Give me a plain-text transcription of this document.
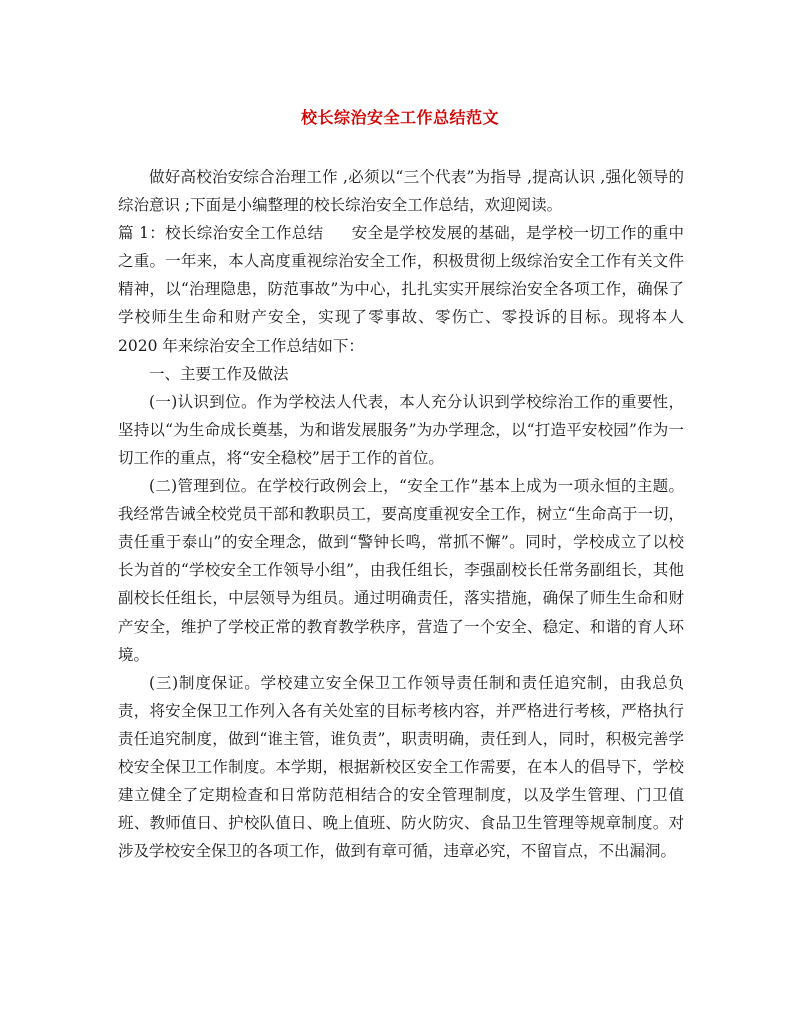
校长综治安全工作总结范文

做好高校治安综合治理工作 ,必须以“三个代表”为指导 ,提高认识 ,强化领导的综治意识 ;下面是小编整理的校长综治安全工作总结，欢迎阅读。

篇 1：校长综治安全工作总结 安全是学校发展的基础，是学校一切工作的重中之重。一年来，本人高度重视综治安全工作，积极贯彻上级综治安全工作有关文件精神，以“治理隐患，防范事故”为中心，扎扎实实开展综治安全各项工作，确保了学校师生生命和财产安全，实现了零事故、零伤亡、零投诉的目标。现将本人 2020 年来综治安全工作总结如下：

一、主要工作及做法

(一)认识到位。作为学校法人代表，本人充分认识到学校综治工作的重要性，坚持以“为生命成长奠基，为和谐发展服务”为办学理念，以“打造平安校园”作为一切工作的重点，将“安全稳校”居于工作的首位。

(二)管理到位。在学校行政例会上，“安全工作”基本上成为一项永恒的主题。我经常告诫全校党员干部和教职员工，要高度重视安全工作，树立“生命高于一切，责任重于泰山”的安全理念，做到“警钟长鸣，常抓不懈”。同时，学校成立了以校长为首的“学校安全工作领导小组”，由我任组长，李强副校长任常务副组长，其他副校长任组长，中层领导为组员。通过明确责任，落实措施，确保了师生生命和财产安全，维护了学校正常的教育教学秩序，营造了一个安全、稳定、和谐的育人环境。

(三)制度保证。学校建立安全保卫工作领导责任制和责任追究制，由我总负责，将安全保卫工作列入各有关处室的目标考核内容，并严格进行考核，严格执行责任追究制度，做到“谁主管，谁负责”，职责明确，责任到人，同时，积极完善学校安全保卫工作制度。本学期，根据新校区安全工作需要，在本人的倡导下，学校建立健全了定期检查和日常防范相结合的安全管理制度，以及学生管理、门卫值班、教师值日、护校队值日、晚上值班、防火防灾、食品卫生管理等规章制度。对涉及学校安全保卫的各项工作，做到有章可循，违章必究，不留盲点，不出漏洞。
